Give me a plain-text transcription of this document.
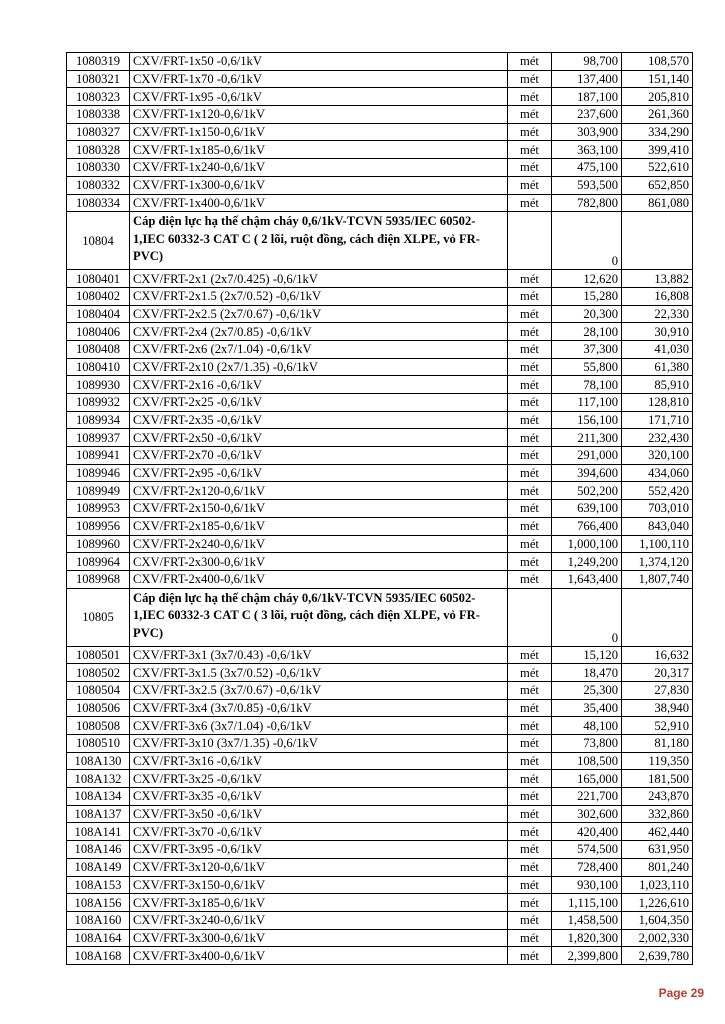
1080319	CXV/FRT-1x50 -0,6/1kV	mét	98,700	108,570
1080321	CXV/FRT-1x70 -0,6/1kV	mét	137,400	151,140
1080323	CXV/FRT-1x95 -0,6/1kV	mét	187,100	205,810
1080338	CXV/FRT-1x120-0,6/1kV	mét	237,600	261,360
1080327	CXV/FRT-1x150-0,6/1kV	mét	303,900	334,290
1080328	CXV/FRT-1x185-0,6/1kV	mét	363,100	399,410
1080330	CXV/FRT-1x240-0,6/1kV	mét	475,100	522,610
1080332	CXV/FRT-1x300-0,6/1kV	mét	593,500	652,850
1080334	CXV/FRT-1x400-0,6/1kV	mét	782,800	861,080
10804	Cáp điện lực hạ thế chậm cháy 0,6/1kV-TCVN 5935/IEC 60502-1,IEC 60332-3 CAT C ( 2 lõi, ruột đồng, cách điện XLPE, vỏ FR-PVC)		0	
1080401	CXV/FRT-2x1 (2x7/0.425) -0,6/1kV	mét	12,620	13,882
1080402	CXV/FRT-2x1.5 (2x7/0.52) -0,6/1kV	mét	15,280	16,808
1080404	CXV/FRT-2x2.5 (2x7/0.67) -0,6/1kV	mét	20,300	22,330
1080406	CXV/FRT-2x4 (2x7/0.85) -0,6/1kV	mét	28,100	30,910
1080408	CXV/FRT-2x6 (2x7/1.04) -0,6/1kV	mét	37,300	41,030
1080410	CXV/FRT-2x10 (2x7/1.35) -0,6/1kV	mét	55,800	61,380
1089930	CXV/FRT-2x16 -0,6/1kV	mét	78,100	85,910
1089932	CXV/FRT-2x25 -0,6/1kV	mét	117,100	128,810
1089934	CXV/FRT-2x35 -0,6/1kV	mét	156,100	171,710
1089937	CXV/FRT-2x50 -0,6/1kV	mét	211,300	232,430
1089941	CXV/FRT-2x70 -0,6/1kV	mét	291,000	320,100
1089946	CXV/FRT-2x95 -0,6/1kV	mét	394,600	434,060
1089949	CXV/FRT-2x120-0,6/1kV	mét	502,200	552,420
1089953	CXV/FRT-2x150-0,6/1kV	mét	639,100	703,010
1089956	CXV/FRT-2x185-0,6/1kV	mét	766,400	843,040
1089960	CXV/FRT-2x240-0,6/1kV	mét	1,000,100	1,100,110
1089964	CXV/FRT-2x300-0,6/1kV	mét	1,249,200	1,374,120
1089968	CXV/FRT-2x400-0,6/1kV	mét	1,643,400	1,807,740
10805	Cáp điện lực hạ thế chậm cháy 0,6/1kV-TCVN 5935/IEC 60502-1,IEC 60332-3 CAT C ( 3 lõi, ruột đồng, cách điện XLPE, vỏ FR-PVC)		0	
1080501	CXV/FRT-3x1 (3x7/0.43) -0,6/1kV	mét	15,120	16,632
1080502	CXV/FRT-3x1.5 (3x7/0.52) -0,6/1kV	mét	18,470	20,317
1080504	CXV/FRT-3x2.5 (3x7/0.67) -0,6/1kV	mét	25,300	27,830
1080506	CXV/FRT-3x4 (3x7/0.85) -0,6/1kV	mét	35,400	38,940
1080508	CXV/FRT-3x6 (3x7/1.04) -0,6/1kV	mét	48,100	52,910
1080510	CXV/FRT-3x10 (3x7/1.35) -0,6/1kV	mét	73,800	81,180
108A130	CXV/FRT-3x16 -0,6/1kV	mét	108,500	119,350
108A132	CXV/FRT-3x25 -0,6/1kV	mét	165,000	181,500
108A134	CXV/FRT-3x35 -0,6/1kV	mét	221,700	243,870
108A137	CXV/FRT-3x50 -0,6/1kV	mét	302,600	332,860
108A141	CXV/FRT-3x70 -0,6/1kV	mét	420,400	462,440
108A146	CXV/FRT-3x95 -0,6/1kV	mét	574,500	631,950
108A149	CXV/FRT-3x120-0,6/1kV	mét	728,400	801,240
108A153	CXV/FRT-3x150-0,6/1kV	mét	930,100	1,023,110
108A156	CXV/FRT-3x185-0,6/1kV	mét	1,115,100	1,226,610
108A160	CXV/FRT-3x240-0,6/1kV	mét	1,458,500	1,604,350
108A164	CXV/FRT-3x300-0,6/1kV	mét	1,820,300	2,002,330
108A168	CXV/FRT-3x400-0,6/1kV	mét	2,399,800	2,639,780
Page 29
